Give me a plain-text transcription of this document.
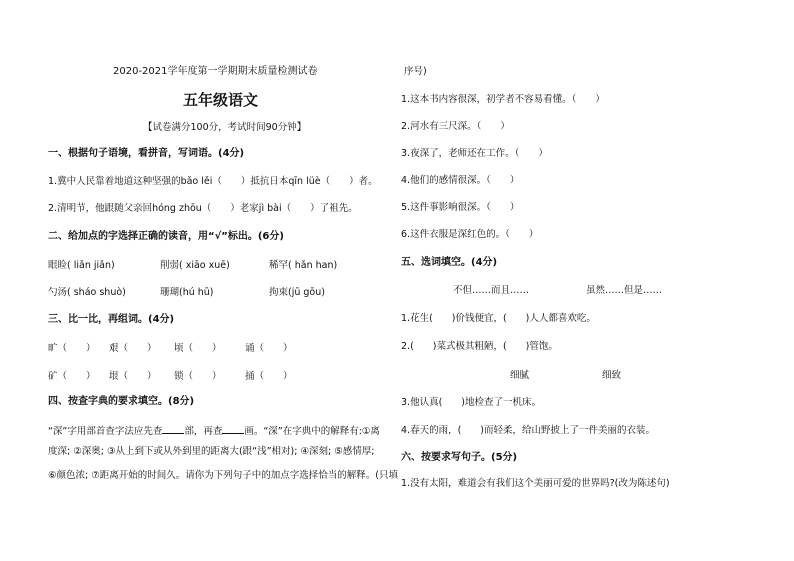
2020-2021学年度第一学期期末质量检测试卷
五年级语文
【试卷满分100分，考试时间90分钟】
一、根据句子语境，看拼音，写词语。(4分)
1.冀中人民靠着地道这种坚强的bǎo lěi（　　）抵抗日本qīn lüè（　　）者。
2.清明节，他跟随父亲回hóng zhōu（　　）老家jì bài（　　）了祖先。
二、给加点的字选择正确的读音，用“√”标出。(6分)
眼睑( liǎn jiǎn)	削弱( xiāo xuē)	稀罕( hǎn han)
勺汤( sháo shuò)	珊瑚(hú hū)	拘束(jū gōu)
三、比一比，再组词。(4分)
旷（　　） 艰（　　） 顷（　　） 诵（　　）
矿（　　） 垠（　　） 锁（　　） 捅（　　）
四、按查字典的要求填空。(8分)
“深”字用部首查字法应先查 部，再查 画。“深”在字典中的解释有:①离
度深; ②深奥; ③从上到下或从外到里的距离大(跟“浅”相对); ④深刻; ⑤感情厚;
⑥颜色浓; ⑦距离开始的时间久。请你为下列句子中的加点字选择恰当的解释。(只填
序号)
1.这本书内容很深，初学者不容易看懂。（　　）
2.河水有三尺深。（　　）
3.夜深了，老师还在工作。（　　）
4.他们的感情很深。（　　）
5.这件事影响很深。（　　）
6.这件衣服是深红色的。（　　）
五、选词填空。(4分)
不但……而且……	虽然……但是……
1.花生(　　)价钱便宜，(　　)人人都喜欢吃。
2.(　　)菜式极其粗陋，(　　)管饱。
细腻	细致
3.他认真(　　)地检查了一机床。
4.春天的雨，(　　)而轻柔，给山野披上了一件美丽的衣装。
六、按要求写句子。(5分)
1.没有太阳，难道会有我们这个美丽可爱的世界吗?(改为陈述句)
